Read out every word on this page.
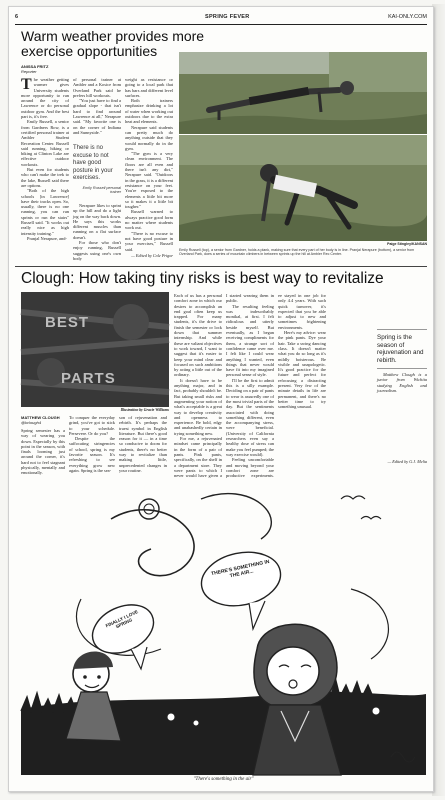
6	SPRING FEVER	KAI-ONLY.COM
Warm weather provides more exercise opportunities
ANISSA FRITZ
Reporter

The weather getting warmer gives University students more opportunity to run around the city of Lawrence or do personal outdoor gym. And the best part is, it's free.

Emily Russell, a senior from Gardners Row, is a certified personal trainer at Ambler Student Recreation Center. Russell said running, hiking or biking at Clinton Lake are effective outdoor workouts.

But even for students who can't make the trek to the lake, Russell said there are options.

"Both of the high schools [in Lawrence] have their tracks open. So, usually, there is no one running, you can run sprints or run the stairs" Russell said. "It works out really nice as high intensity training."

Pranjal Nerapure, and-

of personal trainer at Ambler and a Kosice from Overland Park said he prefers hill workouts.

"You just have to find a gradual slope - that isn't hard to find around Lawrence at all," Nerapure said. "My favorite one is on the corner of Indiana and Sunnyside."

There is no excuse to not have good posture in your exercises.
Emily Russell personal trainer

Nerapure likes to sprint up the hill and do a light jog on the way back down. He says this works different muscles than running on a flat surface doesn't.

For those who don't enjoy running, Russell suggests using one's own body

weight as resistance or going to a local park that has bars and different level surfaces.

Both trainers emphasize drinking a lot of water when working out outdoors due to the extra heat and elements.

Nerapure said students can pretty much do anything outside that they would normally do in the gym.

"The gym is a very clean environment. The floors are all even and there isn't any dirt," Nerapure said. "Outdoors in the grass, it is a different resistance on your feet. You're exposed to the elements a little bit more so it makes it a little bit tougher."

Russell warned to always practice good form no matter where students work out.

"There is no excuse to not have good posture in your exercises," Russell said.

— Edited by Cole Prigor
Paige Stingley/KANSAN
Emily Russell (top), a senior from Gardner, holds a plank, making sure that every part of her body is in line. Pranjal Nerapure (bottom), a senior from Overland Park, does a series of mountain climbers in between sprints up the hill at Ambler Rec Center.
Clough: How taking tiny risks is best way to revitalize
BEST
PARTS
Illustration by Gracie Williams
MATTHEW CLOUGH
@kclough4

Spring semester has a way of wearing you down. Especially by this point in the season, with finals looming just around the corner, it's hard not to feel stagnant physically, mentally and emotionally.

To conquer the everyday grind, you've got to stick to your schedule. Persevere. Or do you?

Despite the suffocating stringencies of school, spring is my favorite season. It's refreshing to see everything grow new again. Spring is the sea-

son of rejuvenation and rebirth. It's perhaps the truest symbol in English literature. But there's good reason for it — in a time so conducive to doom for students, there's no better way to revitalize than making little, unprecedented changes in your routine.

Each of us has a personal comfort zone in which our desires to accomplish an end goal often keep us trapped. For many students, it's the drive to finish the semester or lock down that summer internship. And while these are valiant objectives to work toward, I want to suggest that it's easier to keep your mind clear and focused on such ambitions by acting a little out of the ordinary.

It doesn't have to be anything major, and in fact, probably shouldn't be. But taking small risks and augmenting your notion of what's acceptable is a great way to develop creativity and openness to experience. Be bold, edgy and unabashedly certain in trying something new.

For me, a rejuvenated mindset came principally in the form of a pair of pants. Pink pants, specifically, on the shelf in a department store. They were pants to which I never would have given a

I started wearing them in public.

The resulting feeling was indescribably monikal, at first. I felt ridiculous and utterly beside myself. But eventually, as I began receiving compliments for them, a strange sort of confidence came over me. I felt like I could wear anything I wanted, even things that never would have fit into my imagined personal sense of style.

I'll be the first to admit this is a silly example. Deciding on a pair of pants to wear is assuredly one of the most trivial parts of the day. But the sentiments associated with doing something different, even the accompanying stress, were beneficial. (University of California researchers even say a healthy dose of stress can make you feel pumped; the way exercise would).

Feeling uncomfortable and moving beyond your comfort zone are productive experiments.

ee stayed in one job for only 4.4 years. With such quick turnover, it's expected that you be able to adjust to new and sometimes frightening environments.

Here's my advice: wear the pink pants. Dye your hair. Take a swing dancing class. It doesn't matter what you do so long as it's mildly boisterous. Be visible and unapologetic. It's good practice for the future and perfect for refocusing a distracting present. Very few of the minute details in life are permanent, and there's no better time to try something unusual.

Spring is the season of rejuvenation and rebirth.

Matthew Clough is a junior from Wichita studying English and journalism.

— Edited by G.J. Melia
FINALLY I LOVE SPRING
THERE'S SOMETHING IN THE AIR...
"There's something in the air"
